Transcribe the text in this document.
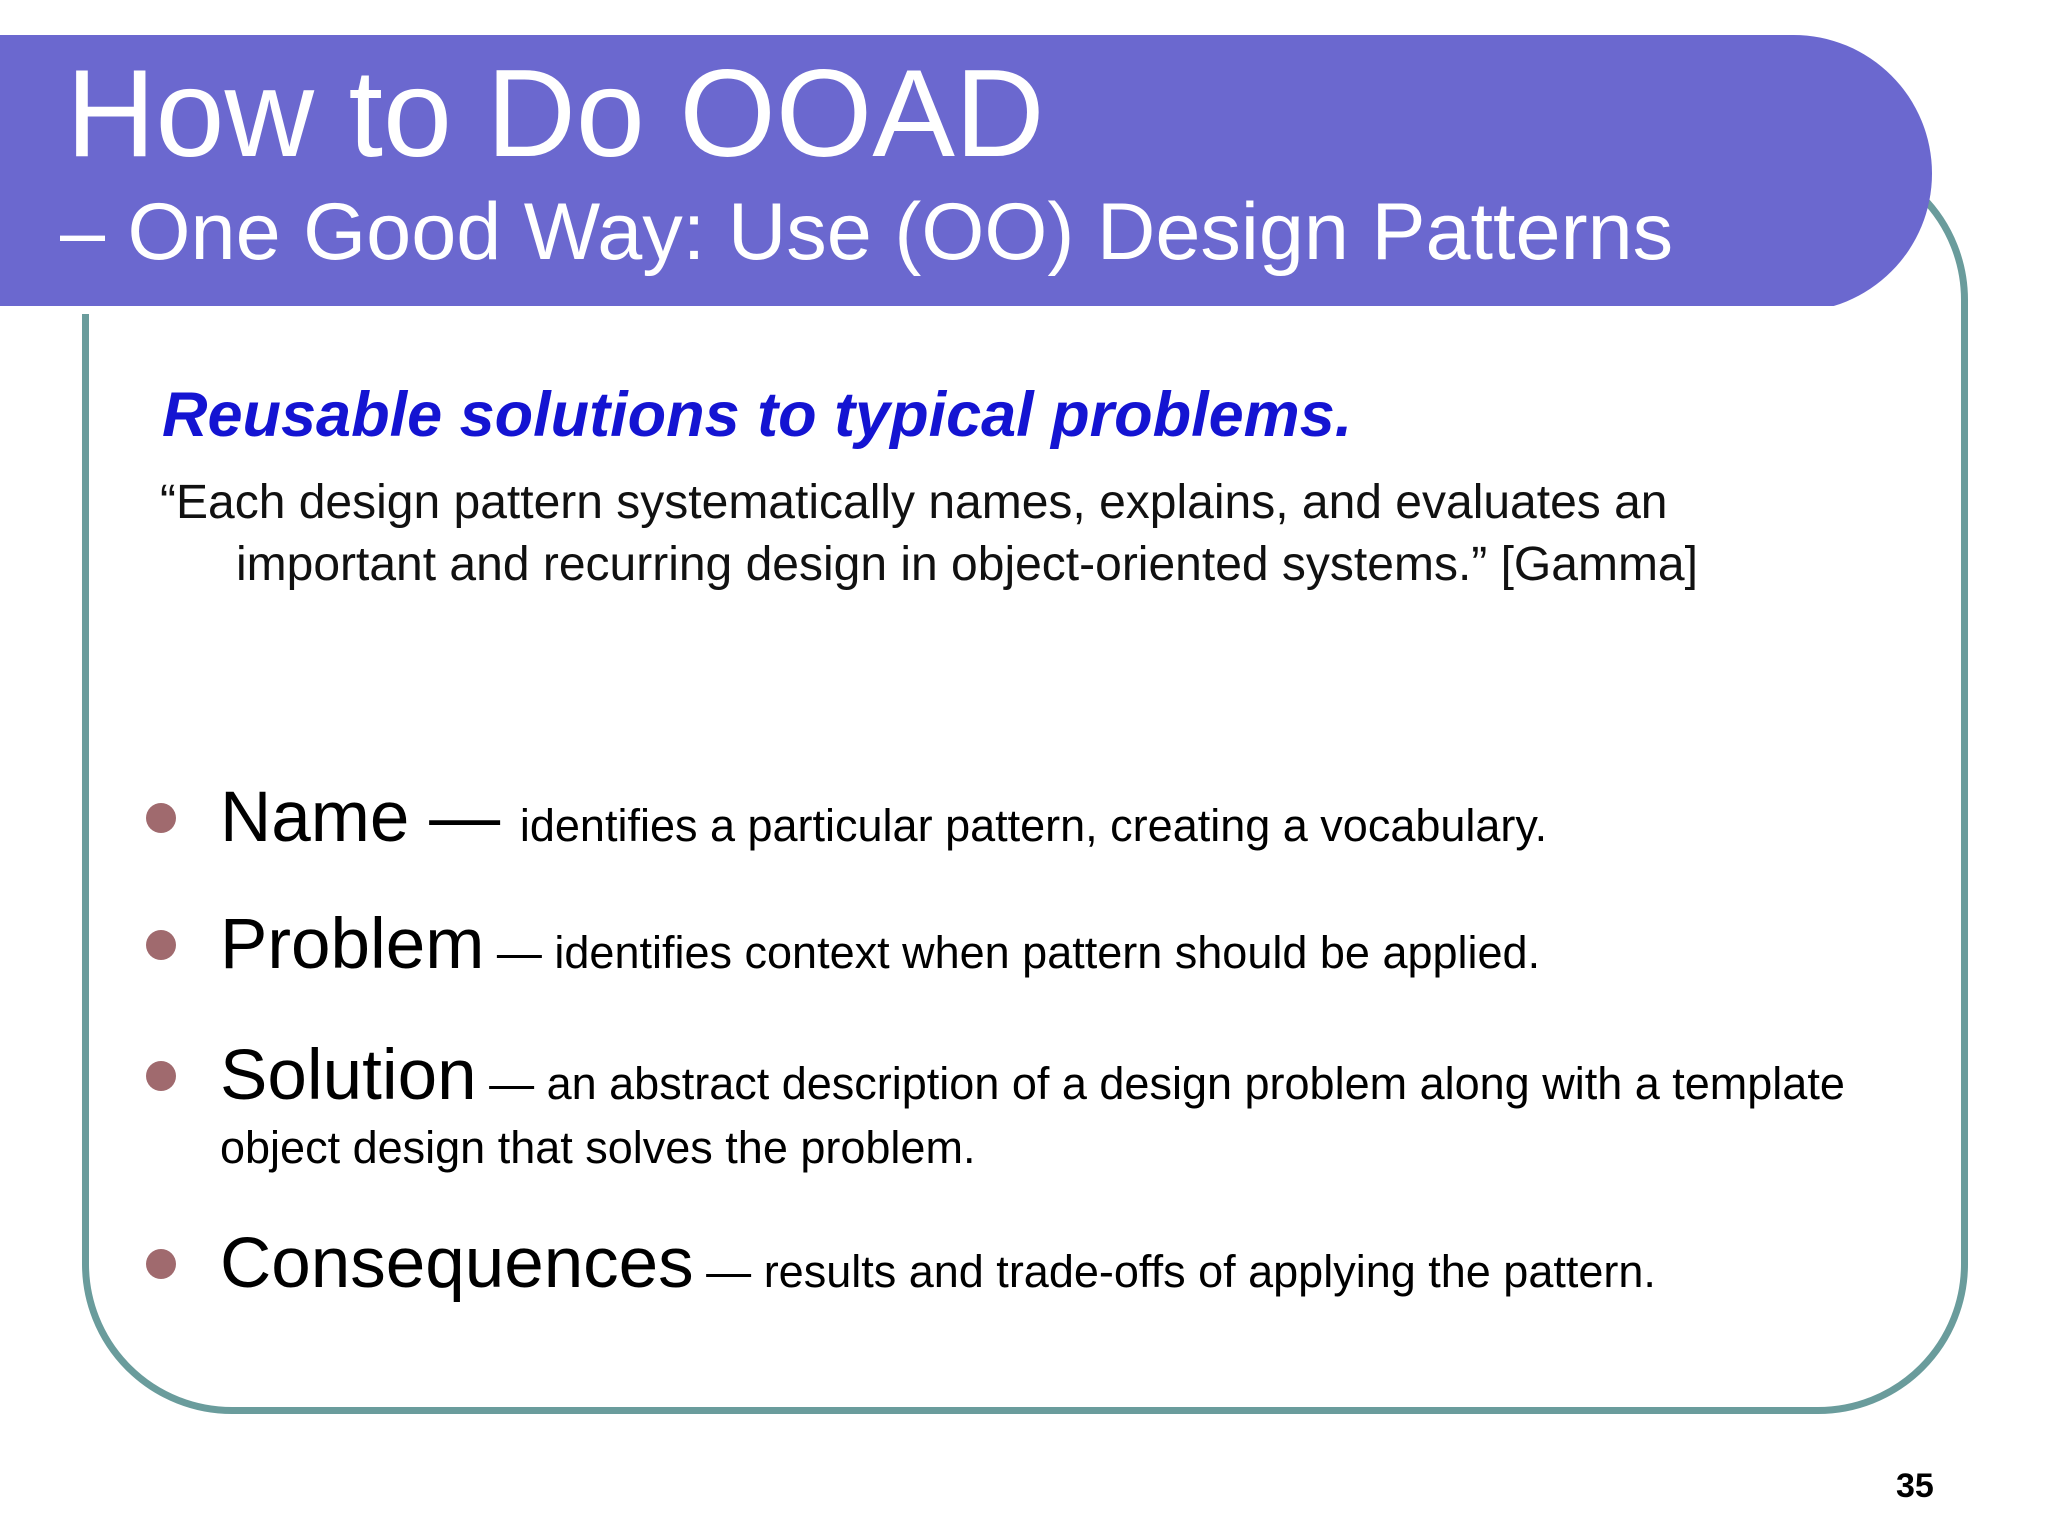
How to Do OOAD

– One Good Way: Use (OO) Design Patterns

Reusable solutions to typical problems.

“Each design pattern systematically names, explains, and evaluates an
important and recurring design in object-oriented systems.” [Gamma]

Name — identifies a particular pattern, creating a vocabulary.
Problem — identifies context when pattern should be applied.
Solution — an abstract description of a design problem along with a template
object design that solves the problem.
Consequences — results and trade-offs of applying the pattern.

35
